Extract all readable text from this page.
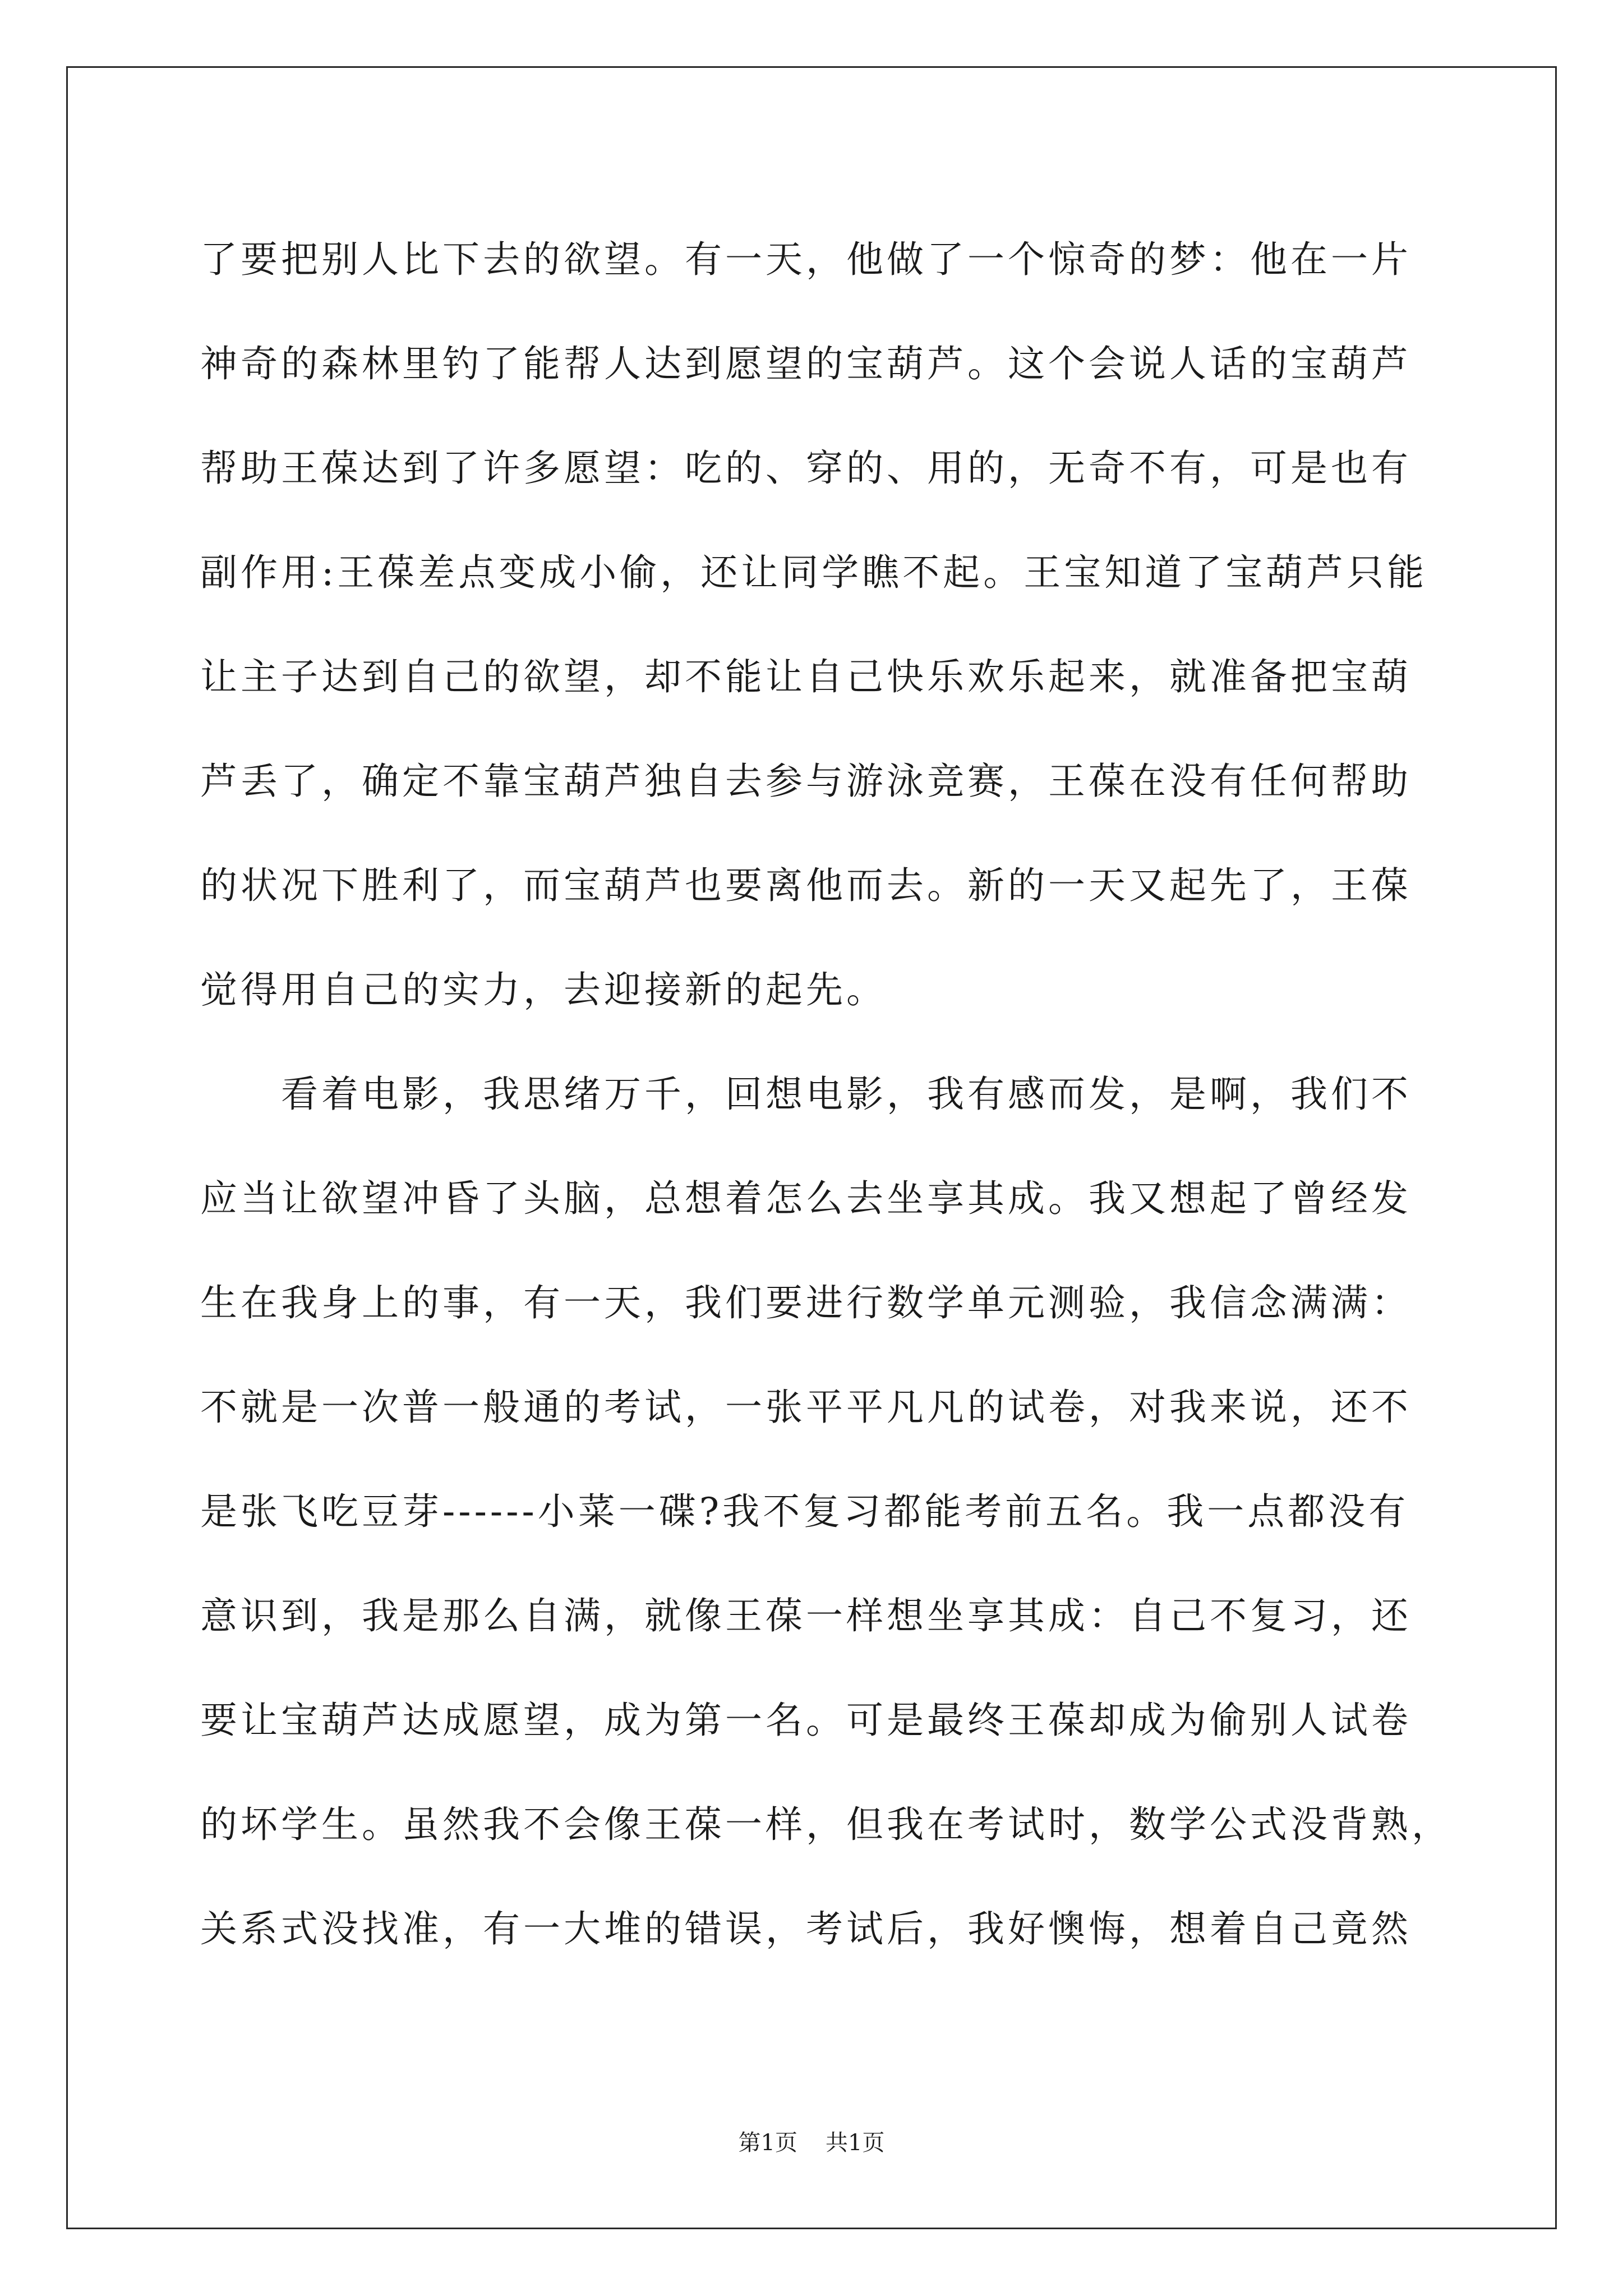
了要把别人比下去的欲望。有一天，他做了一个惊奇的梦：他在一片
神奇的森林里钓了能帮人达到愿望的宝葫芦。这个会说人话的宝葫芦
帮助王葆达到了许多愿望：吃的、穿的、用的，无奇不有，可是也有
副作用:王葆差点变成小偷，还让同学瞧不起。王宝知道了宝葫芦只能
让主子达到自己的欲望，却不能让自己快乐欢乐起来，就准备把宝葫
芦丢了，确定不靠宝葫芦独自去参与游泳竞赛，王葆在没有任何帮助
的状况下胜利了，而宝葫芦也要离他而去。新的一天又起先了，王葆
觉得用自己的实力，去迎接新的起先。
看着电影，我思绪万千，回想电影，我有感而发，是啊，我们不
应当让欲望冲昏了头脑，总想着怎么去坐享其成。我又想起了曾经发
生在我身上的事，有一天，我们要进行数学单元测验，我信念满满：
不就是一次普一般通的考试，一张平平凡凡的试卷，对我来说，还不
是张飞吃豆芽------小菜一碟?我不复习都能考前五名。我一点都没有
意识到，我是那么自满，就像王葆一样想坐享其成：自己不复习，还
要让宝葫芦达成愿望，成为第一名。可是最终王葆却成为偷别人试卷
的坏学生。虽然我不会像王葆一样，但我在考试时，数学公式没背熟，
关系式没找准，有一大堆的错误，考试后，我好懊悔，想着自己竟然
第1页 共1页
